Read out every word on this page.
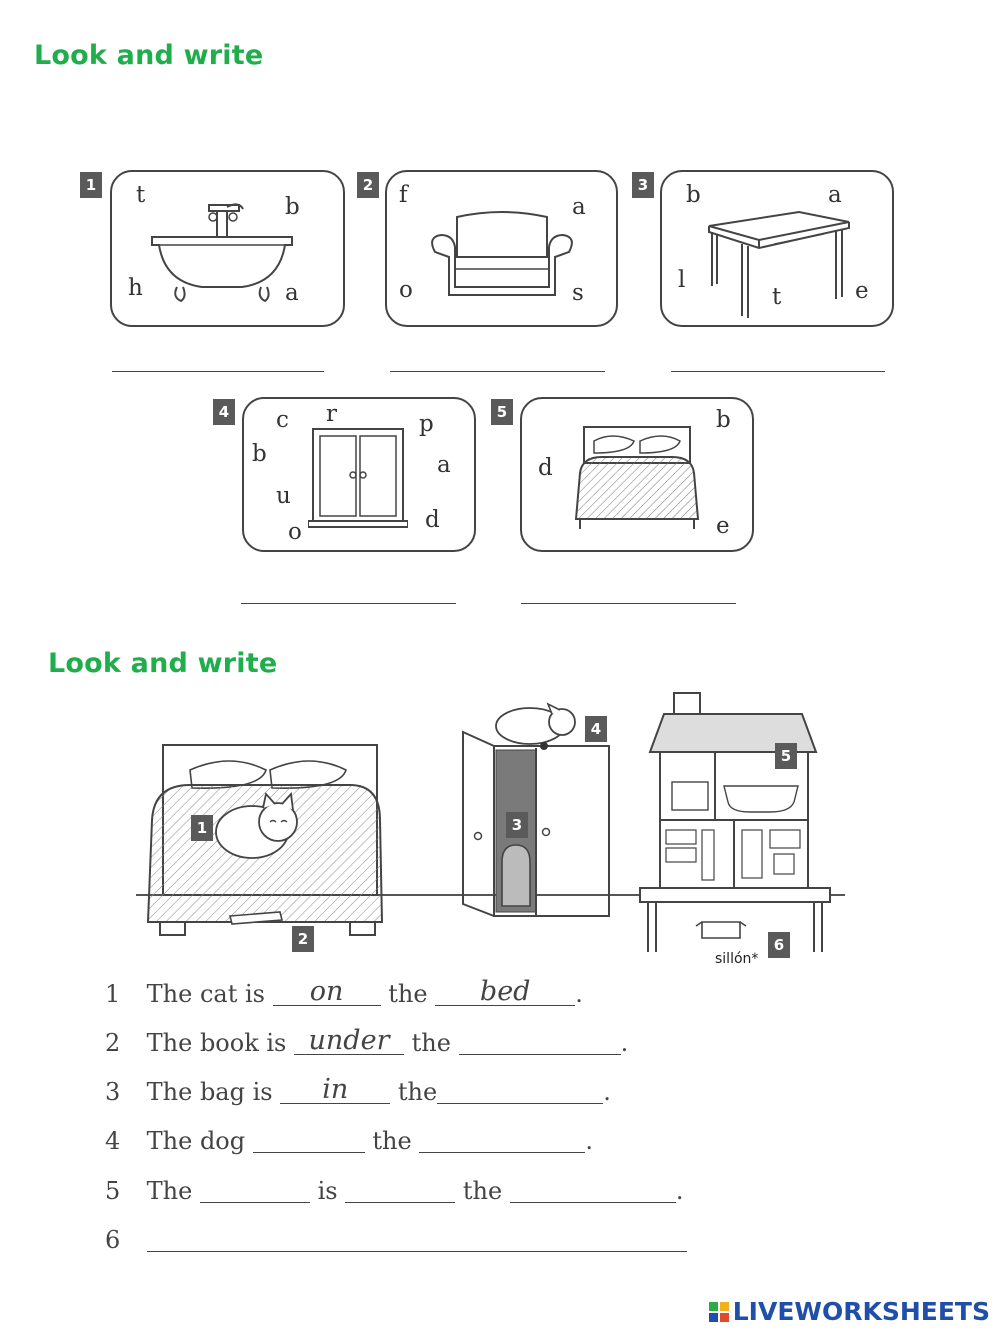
Look and write
1 t	b
h	a
2 f	a
o	s
3 b	a
l
t	e
4 c r	p
b	a
u
d
o
5	b
d
e
Look and write
1
2
3
4
5
6
sillón*
1 The cat is	on	the	bed	.
2 The book is under the	.
3 The bag is	in	the	.
4 The dog	the	.
5 The	is	the	.
6
LIVEWORKSHEETS
